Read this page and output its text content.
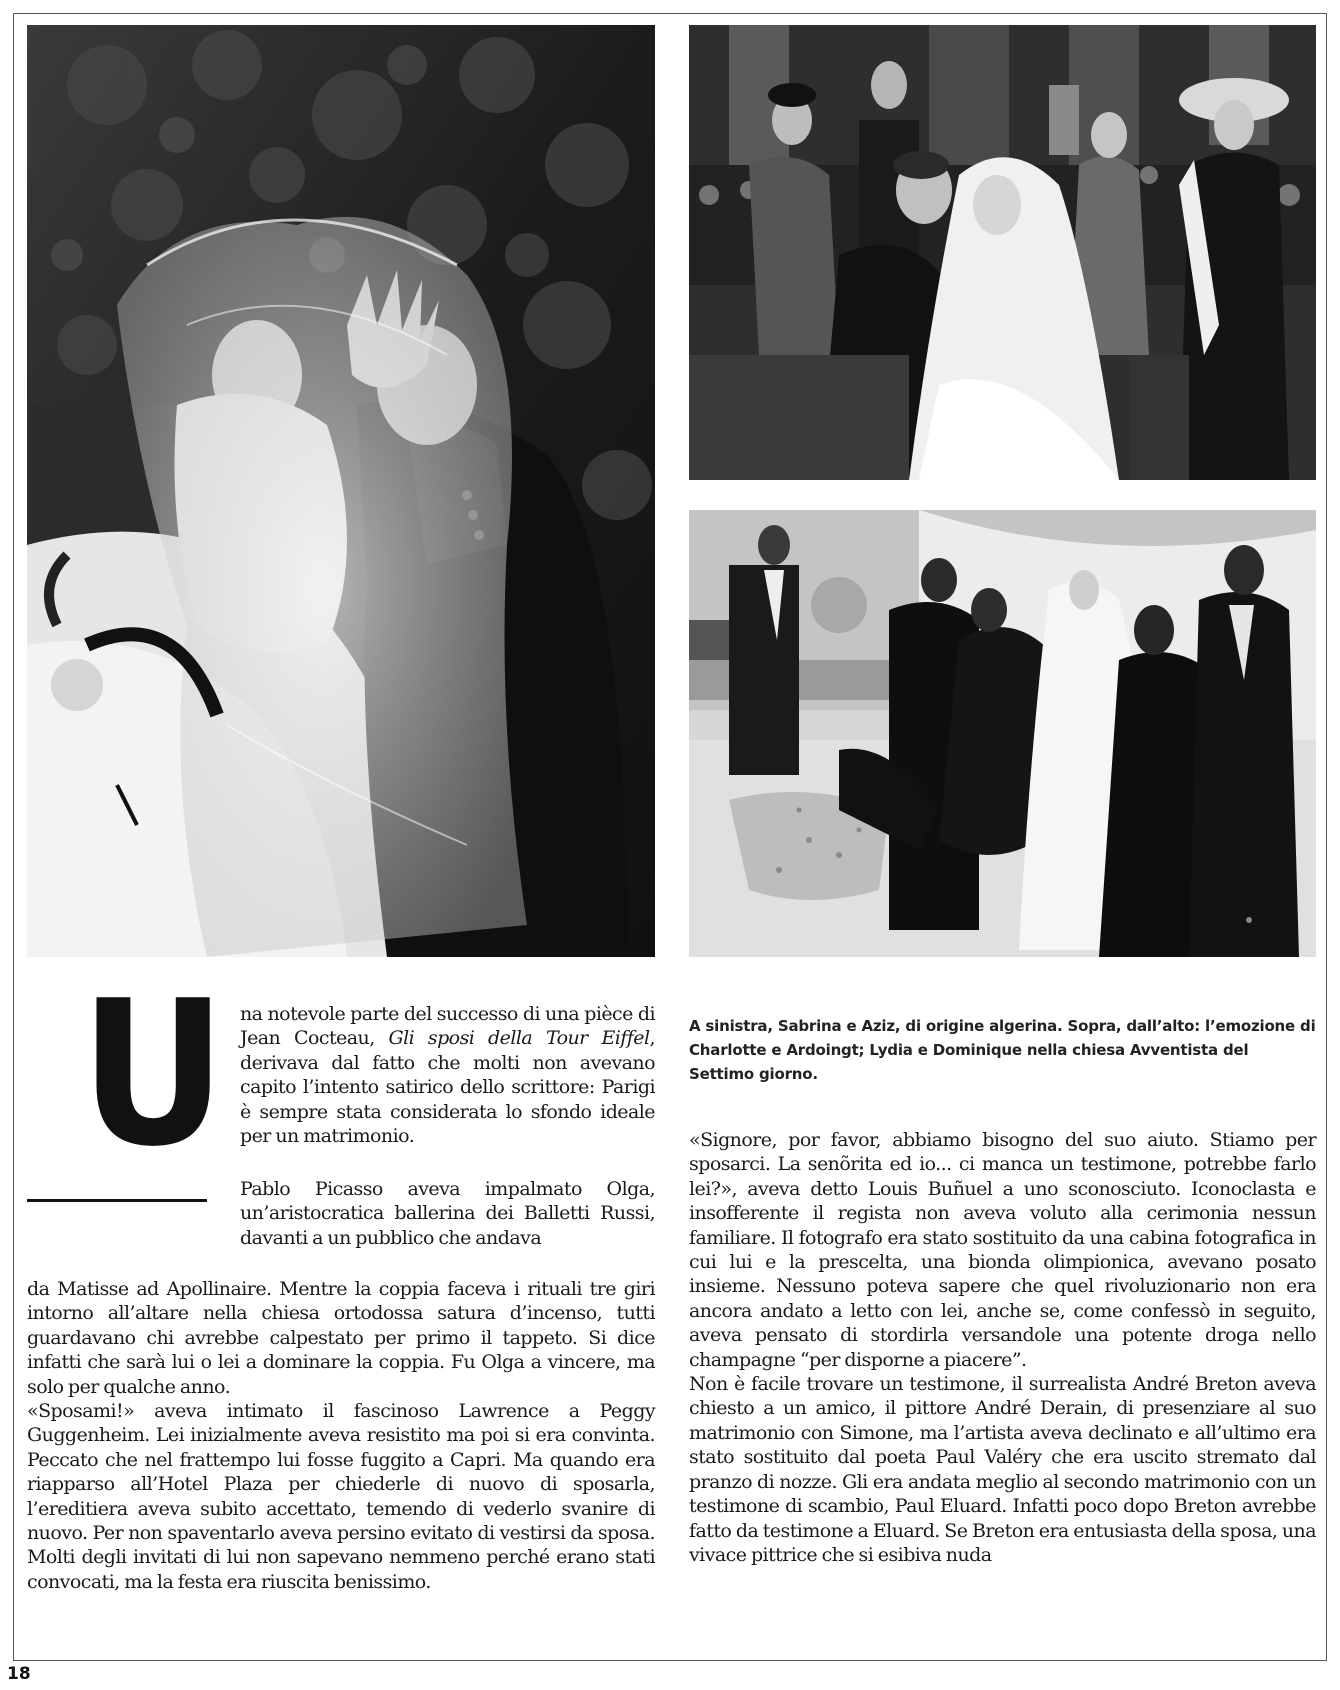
U na notevole parte del successo di una pièce di Jean Cocteau, Gli sposi della Tour Eiffel, derivava dal fatto che molti non avevano capito l’intento satirico dello scrittore: Parigi è sempre stata considerata lo sfondo ideale per un matrimonio.

Pablo Picasso aveva impalmato Olga, un’aristocratica ballerina dei Balletti Russi, davanti a un pubblico che andava

da Matisse ad Apollinaire. Mentre la coppia faceva i rituali tre giri intorno all’altare nella chiesa ortodossa satura d’incenso, tutti guardavano chi avrebbe calpestato per primo il tappeto. Si dice infatti che sarà lui o lei a dominare la coppia. Fu Olga a vincere, ma solo per qualche anno.

«Sposami!» aveva intimato il fascinoso Lawrence a Peggy Guggenheim. Lei inizialmente aveva resistito ma poi si era convinta. Peccato che nel frattempo lui fosse fuggito a Capri. Ma quando era riapparso all’Hotel Plaza per chiederle di nuovo di sposarla, l’ereditiera aveva subito accettato, temendo di vederlo svanire di nuovo. Per non spaventarlo aveva persino evitato di vestirsi da sposa. Molti degli invitati di lui non sapevano nemmeno perché erano stati convocati, ma la festa era riuscita benissimo.

A sinistra, Sabrina e Aziz, di origine algerina. Sopra, dall’alto: l’emozione di Charlotte e Ardoingt; Lydia e Dominique nella chiesa Avventista del Settimo giorno.

«Signore, por favor, abbiamo bisogno del suo aiuto. Stiamo per sposarci. La senõrita ed io... ci manca un testimone, potrebbe farlo lei?», aveva detto Louis Buñuel a uno sconosciuto. Iconoclasta e insofferente il regista non aveva voluto alla cerimonia nessun familiare. Il fotografo era stato sostituito da una cabina fotografica in cui lui e la prescelta, una bionda olimpionica, avevano posato insieme. Nessuno poteva sapere che quel rivoluzionario non era ancora andato a letto con lei, anche se, come confessò in seguito, aveva pensato di stordirla versandole una potente droga nello champagne “per disporne a piacere”.

Non è facile trovare un testimone, il surrealista André Breton aveva chiesto a un amico, il pittore André Derain, di presenziare al suo matrimonio con Simone, ma l’artista aveva declinato e all’ultimo era stato sostituito dal poeta Paul Valéry che era uscito stremato dal pranzo di nozze. Gli era andata meglio al secondo matrimonio con un testimone di scambio, Paul Eluard. Infatti poco dopo Breton avrebbe fatto da testimone a Eluard. Se Breton era entusiasta della sposa, una vivace pittrice che si esibiva nuda

18
